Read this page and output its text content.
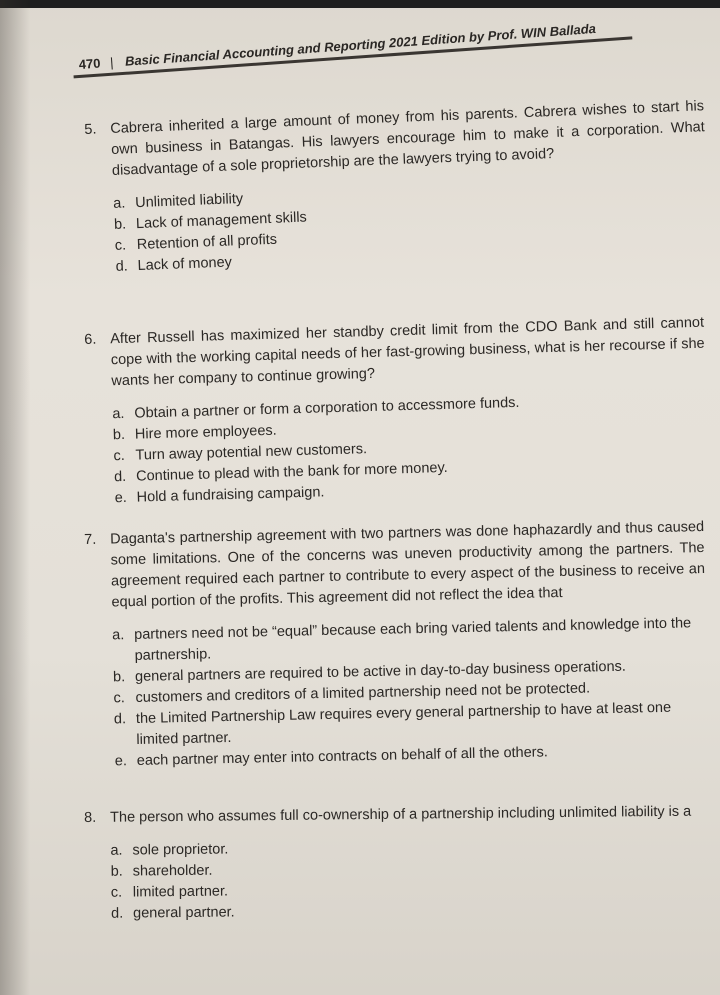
470 | Basic Financial Accounting and Reporting 2021 Edition by Prof. WIN Ballada
5. Cabrera inherited a large amount of money from his parents. Cabrera wishes to start his own business in Batangas. His lawyers encourage him to make it a corporation. What disadvantage of a sole proprietorship are the lawyers trying to avoid?
a. Unlimited liability
b. Lack of management skills
c. Retention of all profits
d. Lack of money
6. After Russell has maximized her standby credit limit from the CDO Bank and still cannot cope with the working capital needs of her fast-growing business, what is her recourse if she wants her company to continue growing?
a. Obtain a partner or form a corporation to accessmore funds.
b. Hire more employees.
c. Turn away potential new customers.
d. Continue to plead with the bank for more money.
e. Hold a fundraising campaign.
7. Daganta's partnership agreement with two partners was done haphazardly and thus caused some limitations. One of the concerns was uneven productivity among the partners. The agreement required each partner to contribute to every aspect of the business to receive an equal portion of the profits. This agreement did not reflect the idea that
a. partners need not be “equal” because each bring varied talents and knowledge into the partnership.
b. general partners are required to be active in day-to-day business operations.
c. customers and creditors of a limited partnership need not be protected.
d. the Limited Partnership Law requires every general partnership to have at least one limited partner.
e. each partner may enter into contracts on behalf of all the others.
8. The person who assumes full co-ownership of a partnership including unlimited liability is a
a. sole proprietor.
b. shareholder.
c. limited partner.
d. general partner.
